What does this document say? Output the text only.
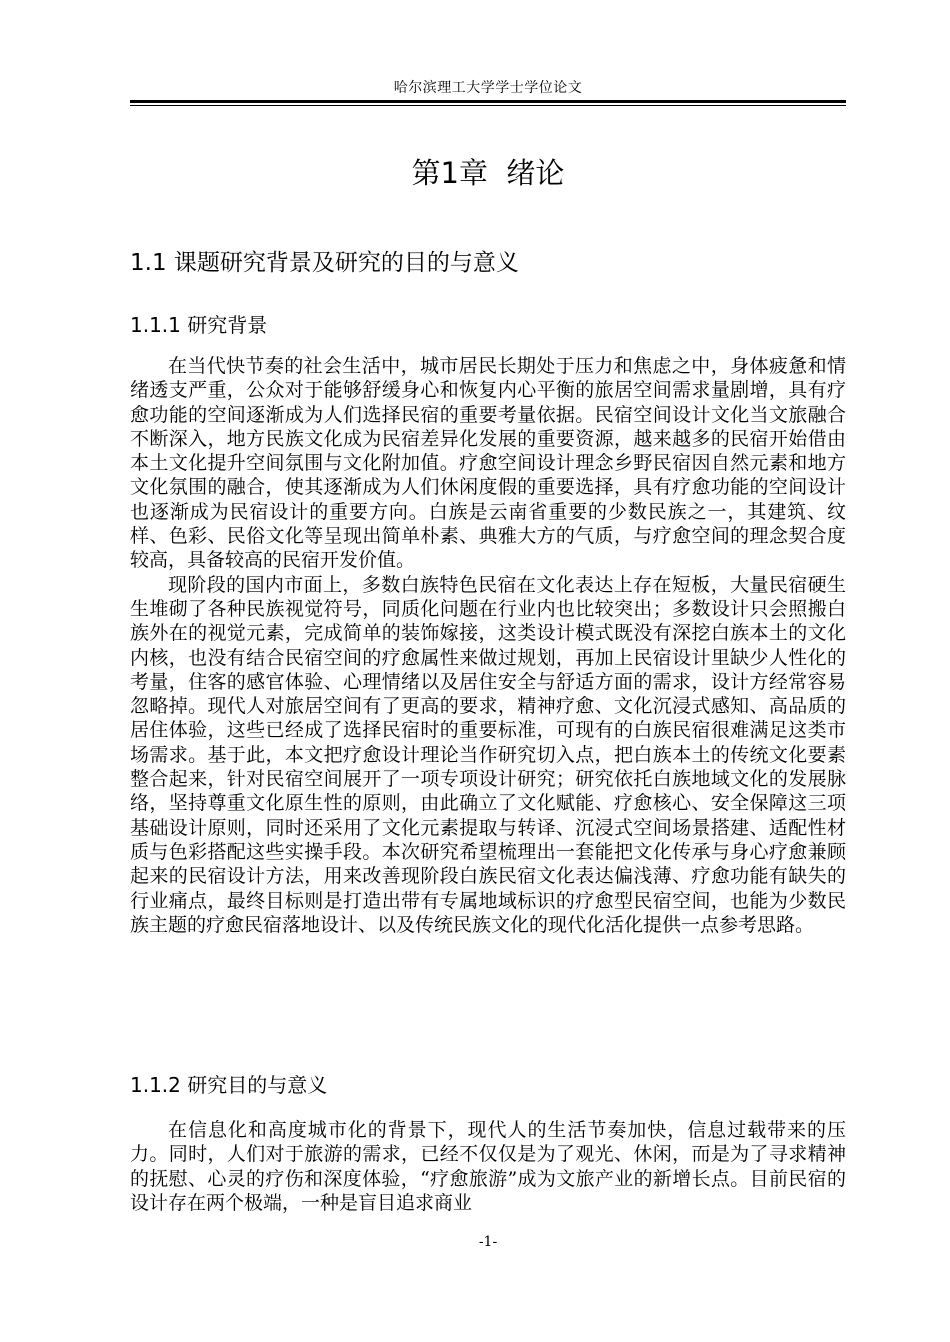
哈尔滨理工大学学士学位论文
第1章  绪论
1.1 课题研究背景及研究的目的与意义
1.1.1 研究背景

在当代快节奏的社会生活中，城市居民长期处于压力和焦虑之中，身体疲惫和情绪透支严重，公众对于能够舒缓身心和恢复内心平衡的旅居空间需求量剧增，具有疗愈功能的空间逐渐成为人们选择民宿的重要考量依据。民宿空间设计文化当文旅融合不断深入，地方民族文化成为民宿差异化发展的重要资源，越来越多的民宿开始借由本土文化提升空间氛围与文化附加值。疗愈空间设计理念乡野民宿因自然元素和地方文化氛围的融合，使其逐渐成为人们休闲度假的重要选择，具有疗愈功能的空间设计也逐渐成为民宿设计的重要方向。白族是云南省重要的少数民族之一，其建筑、纹样、色彩、民俗文化等呈现出简单朴素、典雅大方的气质，与疗愈空间的理念契合度较高，具备较高的民宿开发价值。

现阶段的国内市面上，多数白族特色民宿在文化表达上存在短板，大量民宿硬生生堆砌了各种民族视觉符号，同质化问题在行业内也比较突出；多数设计只会照搬白族外在的视觉元素，完成简单的装饰嫁接，这类设计模式既没有深挖白族本土的文化内核，也没有结合民宿空间的疗愈属性来做过规划，再加上民宿设计里缺少人性化的考量，住客的感官体验、心理情绪以及居住安全与舒适方面的需求，设计方经常容易忽略掉。现代人对旅居空间有了更高的要求，精神疗愈、文化沉浸式感知、高品质的居住体验，这些已经成了选择民宿时的重要标准，可现有的白族民宿很难满足这类市场需求。基于此，本文把疗愈设计理论当作研究切入点，把白族本土的传统文化要素整合起来，针对民宿空间展开了一项专项设计研究；研究依托白族地域文化的发展脉络，坚持尊重文化原生性的原则，由此确立了文化赋能、疗愈核心、安全保障这三项基础设计原则，同时还采用了文化元素提取与转译、沉浸式空间场景搭建、适配性材质与色彩搭配这些实操手段。本次研究希望梳理出一套能把文化传承与身心疗愈兼顾起来的民宿设计方法，用来改善现阶段白族民宿文化表达偏浅薄、疗愈功能有缺失的行业痛点，最终目标则是打造出带有专属地域标识的疗愈型民宿空间，也能为少数民族主题的疗愈民宿落地设计、以及传统民族文化的现代化活化提供一点参考思路。

1.1.2 研究目的与意义

在信息化和高度城市化的背景下，现代人的生活节奏加快，信息过载带来的压力。同时，人们对于旅游的需求，已经不仅仅是为了观光、休闲，而是为了寻求精神的抚慰、心灵的疗伤和深度体验，“疗愈旅游”成为文旅产业的新增长点。目前民宿的设计存在两个极端，一种是盲目追求商业

-1-
